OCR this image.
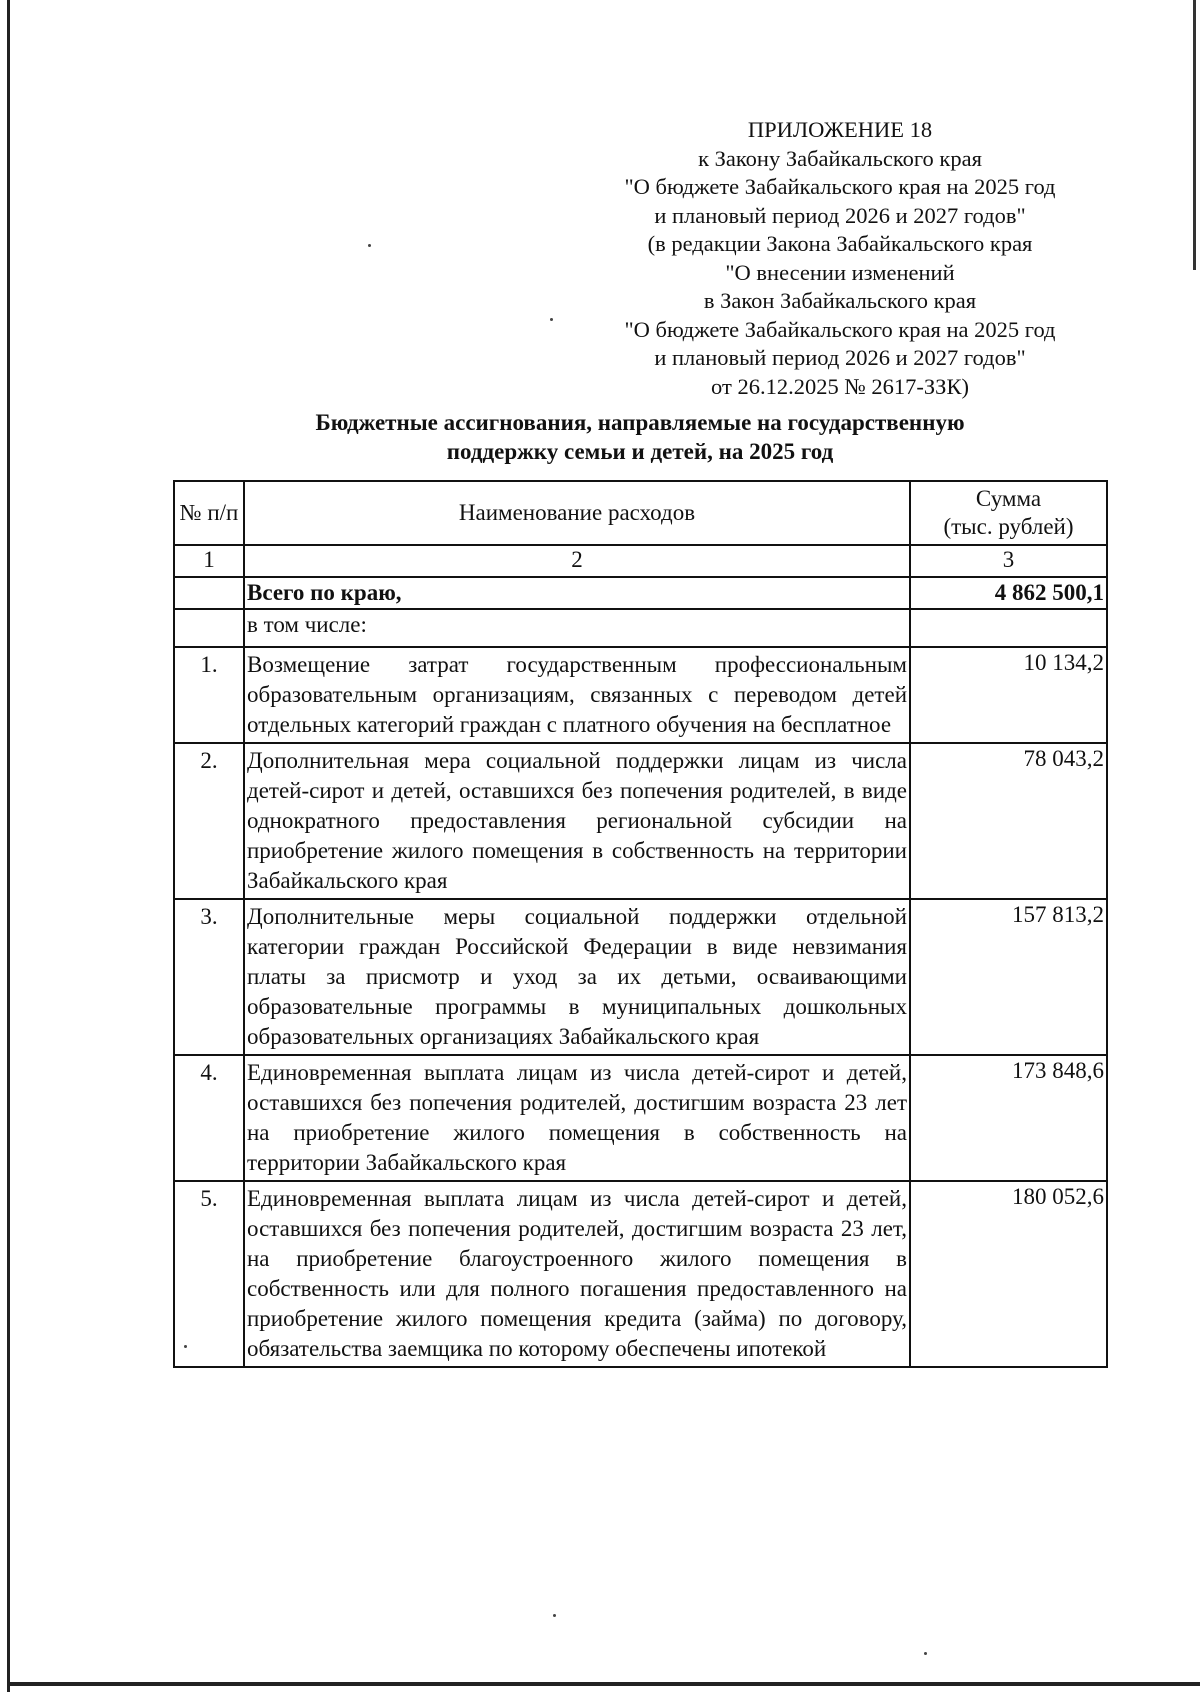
ПРИЛОЖЕНИЕ 18
к Закону Забайкальского края
"О бюджете Забайкальского края на 2025 год
и плановый период 2026 и 2027 годов"
(в редакции Закона Забайкальского края
"О внесении изменений
в Закон Забайкальского края
"О бюджете Забайкальского края на 2025 год
и плановый период 2026 и 2027 годов"
от 26.12.2025 № 2617-ЗЗК)
Бюджетные ассигнования, направляемые на государственную
поддержку семьи и детей, на 2025 год
№ п/п	Наименование расходов	Сумма
(тыс. рублей)

1	2	3
	Всего по краю,	4 862 500,1
	в том числе:	
1.	Возмещение затрат государственным профессиональным образовательным организациям, связанных с переводом детей отдельных категорий граждан с платного обучения на бесплатное	10 134,2
2.	Дополнительная мера социальной поддержки лицам из числа детей-сирот и детей, оставшихся без попечения родителей, в виде однократного предоставления региональной субсидии на приобретение жилого помещения в собственность на территории Забайкальского края	78 043,2
3.	Дополнительные меры социальной поддержки отдельной категории граждан Российской Федерации в виде невзимания платы за присмотр и уход за их детьми, осваивающими образовательные программы в муниципальных дошкольных образовательных организациях Забайкальского края	157 813,2
4.	Единовременная выплата лицам из числа детей-сирот и детей, оставшихся без попечения родителей, достигшим возраста 23 лет на приобретение жилого помещения в собственность на территории Забайкальского края	173 848,6
5.	Единовременная выплата лицам из числа детей-сирот и детей, оставшихся без попечения родителей, достигшим возраста 23 лет, на приобретение благоустроенного жилого помещения в собственность или для полного погашения предоставленного на приобретение жилого помещения кредита (займа) по договору, обязательства заемщика по которому обеспечены ипотекой	180 052,6
